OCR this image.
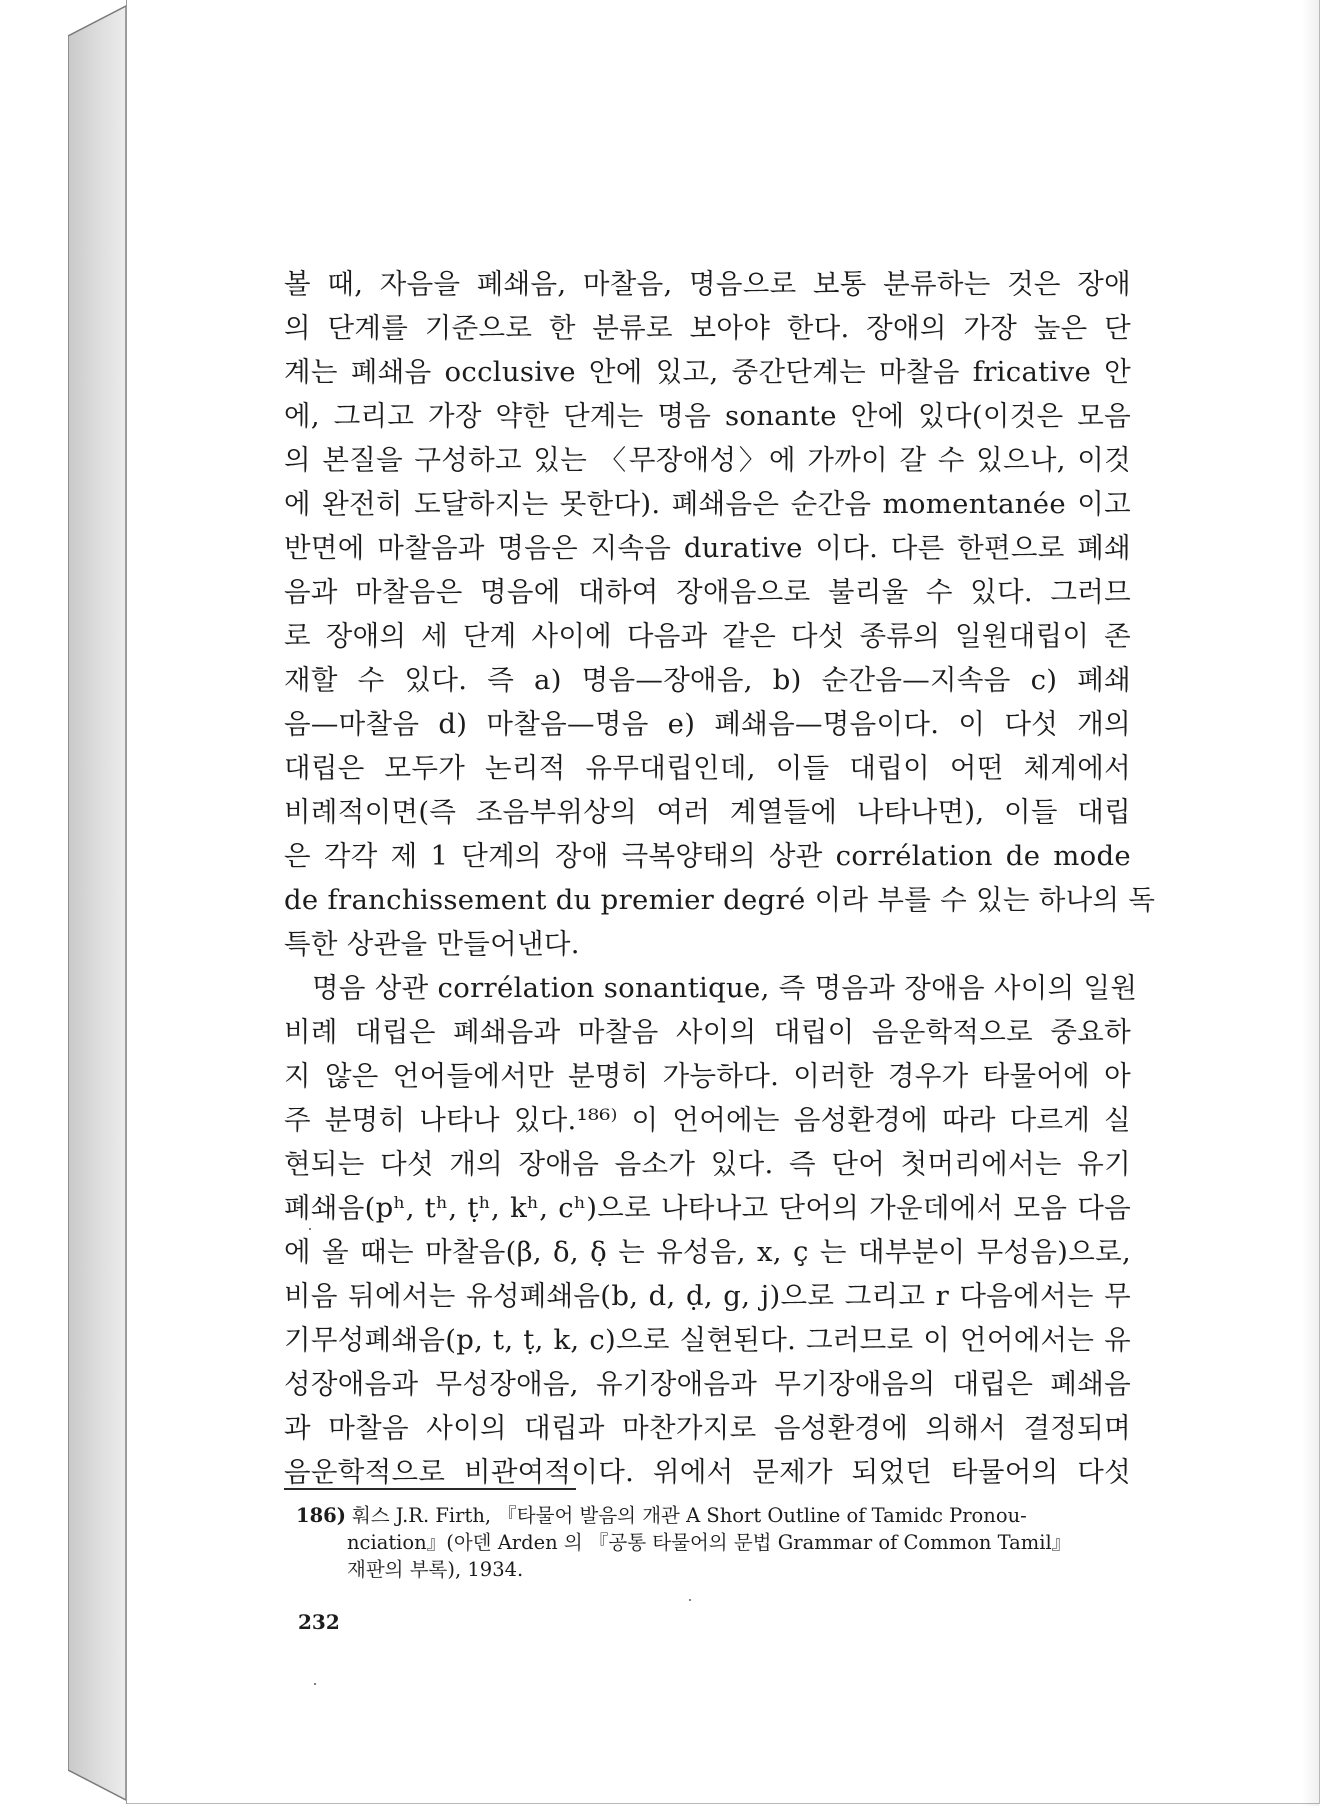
볼 때, 자음을 폐쇄음, 마찰음, 명음으로 보통 분류하는 것은 장애
의 단계를 기준으로 한 분류로 보아야 한다. 장애의 가장 높은 단
계는 폐쇄음 occlusive 안에 있고, 중간단계는 마찰음 fricative 안
에, 그리고 가장 약한 단계는 명음 sonante 안에 있다(이것은 모음
의 본질을 구성하고 있는 〈무장애성〉에 가까이 갈 수 있으나, 이것
에 완전히 도달하지는 못한다). 폐쇄음은 순간음 momentanée 이고
반면에 마찰음과 명음은 지속음 durative 이다. 다른 한편으로 폐쇄
음과 마찰음은 명음에 대하여 장애음으로 불리울 수 있다. 그러므
로 장애의 세 단계 사이에 다음과 같은 다섯 종류의 일원대립이 존
재할 수 있다. 즉 a) 명음—장애음, b) 순간음—지속음 c) 폐쇄
음—마찰음 d) 마찰음—명음 e) 폐쇄음—명음이다. 이 다섯 개의
대립은 모두가 논리적 유무대립인데, 이들 대립이 어떤 체계에서
비례적이면(즉 조음부위상의 여러 계열들에 나타나면), 이들 대립
은 각각 제 1 단계의 장애 극복양태의 상관 corrélation de mode
de franchissement du premier degré 이라 부를 수 있는 하나의 독
특한 상관을 만들어낸다.
명음 상관 corrélation sonantique, 즉 명음과 장애음 사이의 일원
비례 대립은 폐쇄음과 마찰음 사이의 대립이 음운학적으로 중요하
지 않은 언어들에서만 분명히 가능하다. 이러한 경우가 타물어에 아
주 분명히 나타나 있다.¹⁸⁶⁾ 이 언어에는 음성환경에 따라 다르게 실
현되는 다섯 개의 장애음 음소가 있다. 즉 단어 첫머리에서는 유기
폐쇄음(pʰ, tʰ, ṭʰ, kʰ, cʰ)으로 나타나고 단어의 가운데에서 모음 다음
에 올 때는 마찰음(β, δ, δ̣ 는 유성음, x, ç 는 대부분이 무성음)으로,
비음 뒤에서는 유성폐쇄음(b, d, ḍ, g, j)으로 그리고 r 다음에서는 무
기무성폐쇄음(p, t, ṭ, k, c)으로 실현된다. 그러므로 이 언어에서는 유
성장애음과 무성장애음, 유기장애음과 무기장애음의 대립은 폐쇄음
과 마찰음 사이의 대립과 마찬가지로 음성환경에 의해서 결정되며
음운학적으로 비관여적이다. 위에서 문제가 되었던 타물어의 다섯
186) 훠스 J.R. Firth, 『타물어 발음의 개관 A Short Outline of Tamidc Pronou-
nciation』(아덴 Arden 의 『공통 타물어의 문법 Grammar of Common Tamil』
재판의 부록), 1934.
232
